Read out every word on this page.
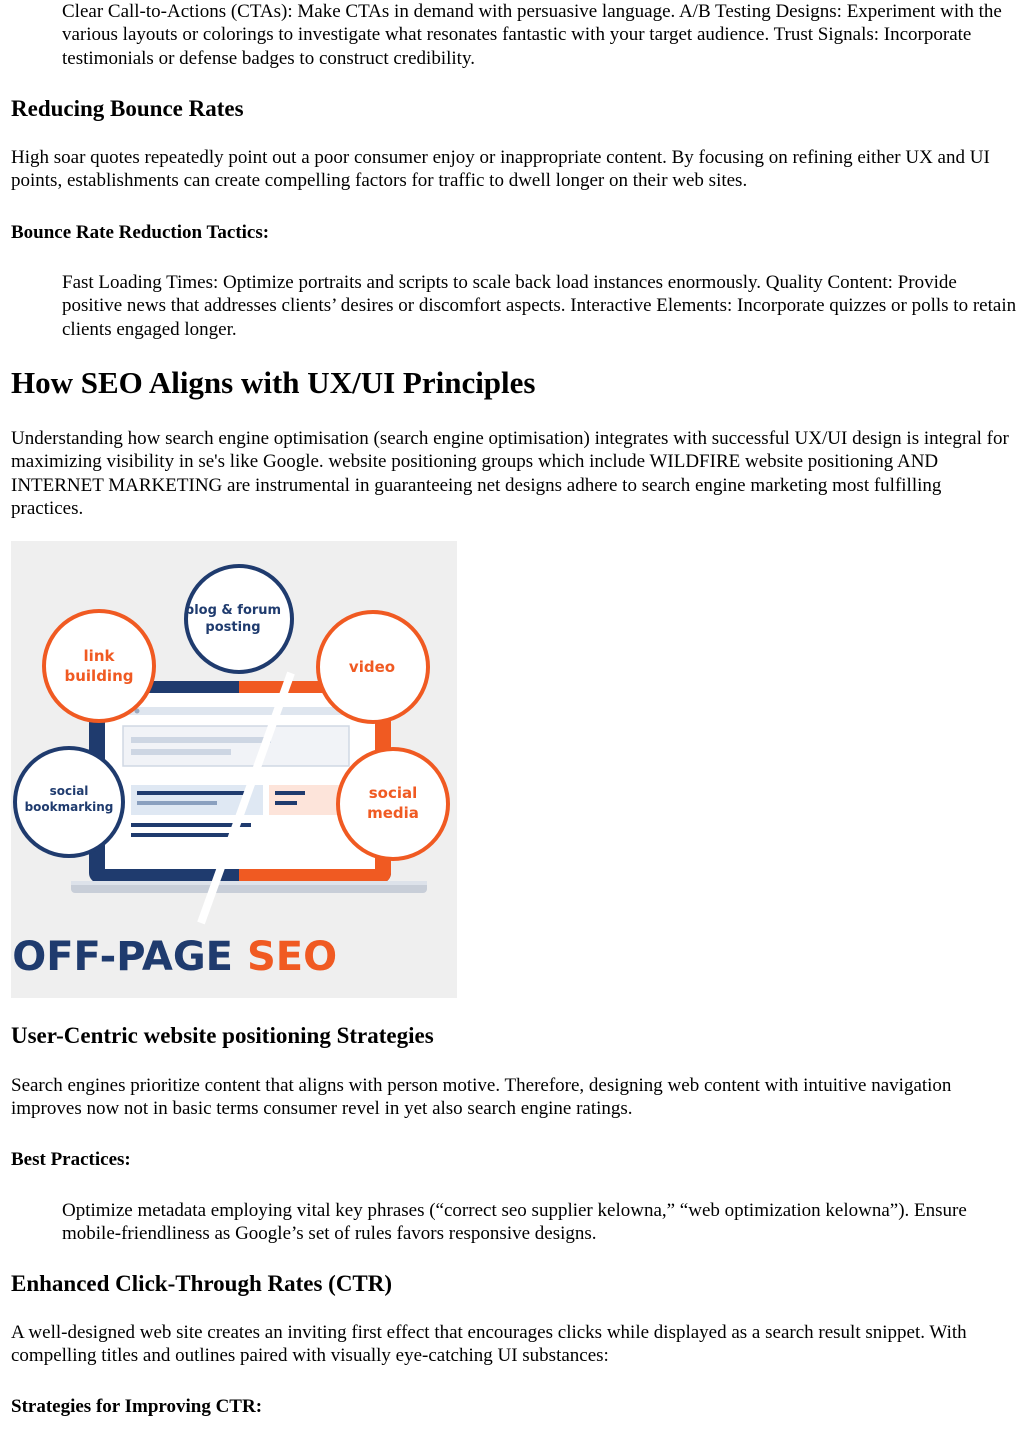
Clear Call-to-Actions (CTAs): Make CTAs in demand with persuasive language. A/B Testing Designs: Experiment with the various layouts or colorings to investigate what resonates fantastic with your target audience. Trust Signals: Incorporate testimonials or defense badges to construct credibility.

Reducing Bounce Rates

High soar quotes repeatedly point out a poor consumer enjoy or inappropriate content. By focusing on refining either UX and UI points, establishments can create compelling factors for traffic to dwell longer on their web sites.

Bounce Rate Reduction Tactics:

Fast Loading Times: Optimize portraits and scripts to scale back load instances enormously. Quality Content: Provide positive news that addresses clients’ desires or discomfort aspects. Interactive Elements: Incorporate quizzes or polls to retain clients engaged longer.

How SEO Aligns with UX/UI Principles

Understanding how search engine optimisation (search engine optimisation) integrates with successful UX/UI design is integral for maximizing visibility in se's like Google. website positioning groups which include WILDFIRE website positioning AND INTERNET MARKETING are instrumental in guaranteeing net designs adhere to search engine marketing most fulfilling practices.

blog & forum
posting
link
building	video
social
bookmarking
social
media
OFF-PAGE SEO
User-Centric website positioning Strategies

Search engines prioritize content that aligns with person motive. Therefore, designing web content with intuitive navigation improves now not in basic terms consumer revel in yet also search engine ratings.

Best Practices:

Optimize metadata employing vital key phrases (“correct seo supplier kelowna,” “web optimization kelowna”). Ensure mobile-friendliness as Google’s set of rules favors responsive designs.

Enhanced Click-Through Rates (CTR)

A well-designed web site creates an inviting first effect that encourages clicks while displayed as a search result snippet. With compelling titles and outlines paired with visually eye-catching UI substances:

Strategies for Improving CTR:
